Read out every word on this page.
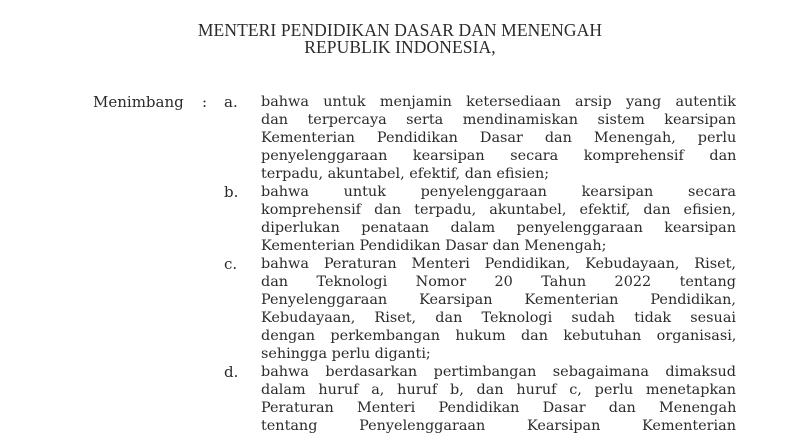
MENTERI PENDIDIKAN DASAR DAN MENENGAH
REPUBLIK INDONESIA,
Menimbang : a.	bahwa untuk menjamin ketersediaan arsip yang autentik
dan terpercaya serta mendinamiskan sistem kearsipan
Kementerian Pendidikan Dasar dan Menengah, perlu
penyelenggaraan kearsipan secara komprehensif dan
terpadu, akuntabel, efektif, dan efisien;
b.	bahwa untuk penyelenggaraan kearsipan secara
komprehensif dan terpadu, akuntabel, efektif, dan efisien,
diperlukan penataan dalam penyelenggaraan kearsipan
Kementerian Pendidikan Dasar dan Menengah;
c.	bahwa Peraturan Menteri Pendidikan, Kebudayaan, Riset,
dan Teknologi Nomor 20 Tahun 2022 tentang
Penyelenggaraan Kearsipan Kementerian Pendidikan,
Kebudayaan, Riset, dan Teknologi sudah tidak sesuai
dengan perkembangan hukum dan kebutuhan organisasi,
sehingga perlu diganti;
d.	bahwa berdasarkan pertimbangan sebagaimana dimaksud
dalam huruf a, huruf b, dan huruf c, perlu menetapkan
Peraturan Menteri Pendidikan Dasar dan Menengah
tentang Penyelenggaraan Kearsipan Kementerian
